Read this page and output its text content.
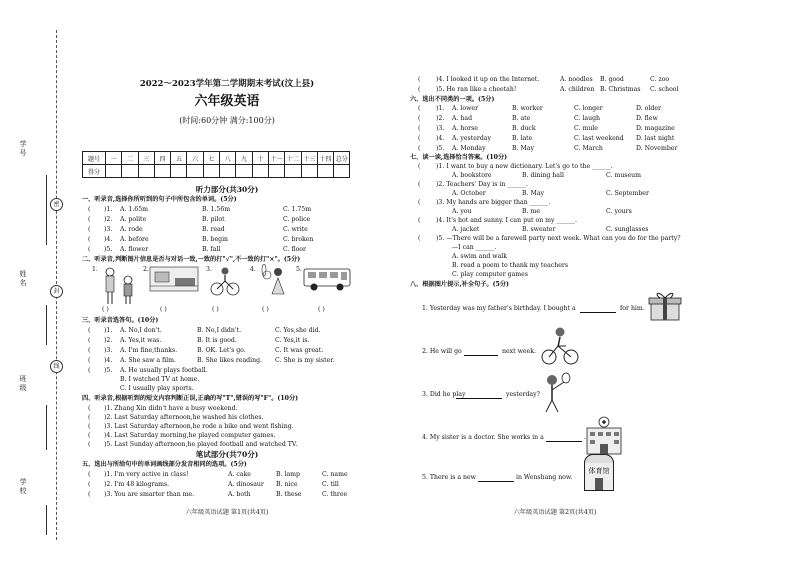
学号
姓名
班级
学校
密
封
线
2022～2023学年第二学期期末考试(汶上县)
六年级英语
(时间:60分钟 满分:100分)
题号	一	二	三	四	五	六	七	八	九	十	十一	十二	十三	十四	总分
得分															
听力部分(共30分)
一、听录音,选择你所听到的句子中所包含的单词。(5分)
( )1. A. 1.65m	B. 1.56m	C. 1.75m
( )2. A. polite	B. pilot	C. police
( )3. A. rode	B. read	C. write
( )4. A. before	B. begin	C. broken
( )5. A. flower	B. fall	C. floor
二、听录音,判断图片信息是否与对话一致,一致的打"√",不一致的打"×"。(5分)
1.	2.	3.	4.	5.
( )	( )	( )	( )	( )
三、听录音选答句。(10分)
( )1. A. No,I don't.	B. No,I didn't.	C. Yes,she did.
( )2. A. Yes,it was.	B. It is good.	C. Yes,it is.
( )3. A. I'm fine,thanks.	B. OK. Let's go.	C. It was great.
( )4. A. She saw a film.	B. She likes reading. C. She is my sister.
( )5. A. He usually plays football.
B. I watched TV at home.
C. I usually play sports.
四、听录音,根据听到的短文内容判断正误,正确的写"T",错误的写"F"。(10分)
( )1. Zhang Xin didn't have a busy weekend.
( )2. Last Saturday afternoon,he washed his clothes.
( )3. Last Saturday afternoon,he rode a bike and went fishing.
( )4. Last Saturday morning,he played computer games.
( )5. Last Sunday afternoon,he played football and watched TV.
笔试部分(共70分)
五、选出与所给句中的单词画线部分发音相同的选项。(5分)
( )1. I'm very active in class!	A. cake	B. lamp	C. name
( )2. I'm 48 kilograms.	A. dinosaur B. nice	C. till
( )3. You are smarter than me.	A. both	B. these	C. three
六年级英语试题 第1页(共4页)
(	)4. I looked it up on the Internet.	A. noodles B. good	C. zoo
(	)5. He ran like a cheetah!	A. children B. Christmas C. school
六、选出不同类的一项。(5分)
(	)1. A. lower	B. worker	C. longer	D. older
(	)2. A. had	B. ate	C. laugh	D. flew
(	)3. A. horse	B. duck	C. mule	D. magazine
(	)4. A. yesterday	B. late	C. last weekend D. last night
(	)5. A. Monday	B. May	C. March	D. November
七、读一读,选择恰当答案。(10分)
(	)1. I want to buy a new dictionary. Let's go to the ______.
A. bookstore	B. dining hall	C. museum
(	)2. Teachers' Day is in ______.
A. October	B. May	C. September
(	)3. My hands are bigger than ______.
A. you	B. me	C. yours
(	)4. It's hot and sunny. I can put on my ______.
A. jacket	B. sweater	C. sunglasses
(	)5. —There will be a farewell party next week. What can you do for the party?
—I can ______.
A. swim and walk
B. read a poem to thank my teachers
C. play computer games
八、根据图片提示,补全句子。(5分)
1. Yesterday was my father's birthday. I bought a	for him.
2. He will go	next week.
3. Did he play	yesterday?
4. My sister is a doctor. She works in a	.
5. There is a new	in Wenshang now.
体育馆
六年级英语试题 第2页(共4页)
